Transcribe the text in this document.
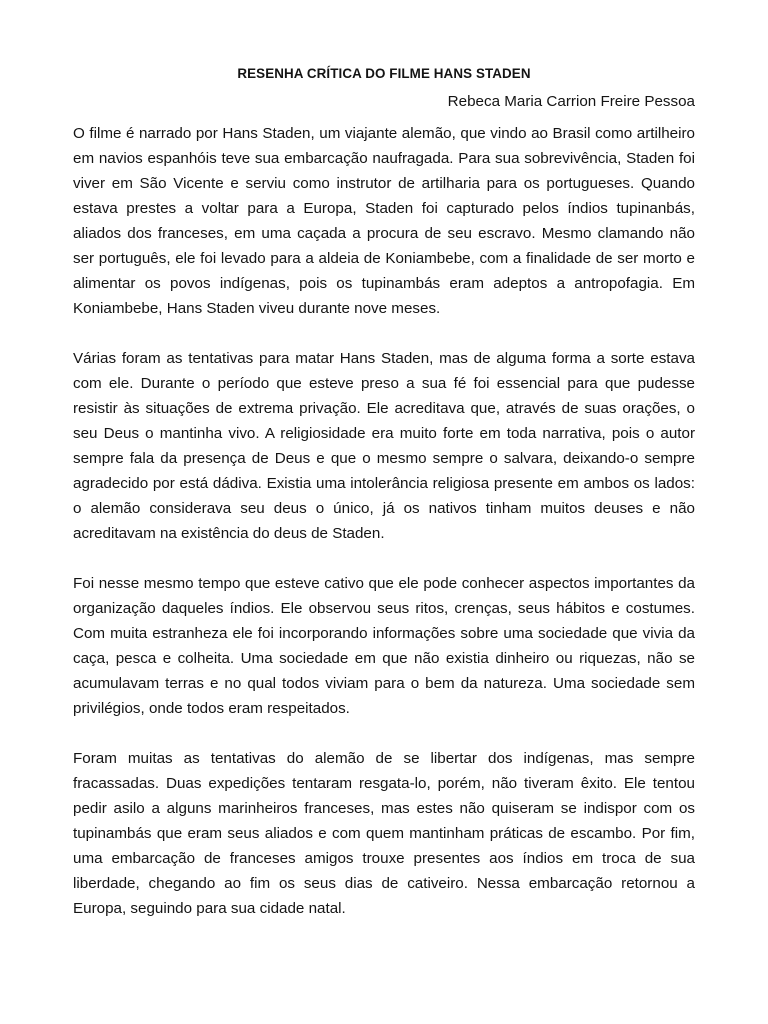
RESENHA CRÍTICA DO FILME HANS STADEN

Rebeca Maria Carrion Freire Pessoa

O filme é narrado por Hans Staden, um viajante alemão, que vindo ao Brasil como artilheiro em navios espanhóis teve sua embarcação naufragada. Para sua sobrevivência, Staden foi viver em São Vicente e serviu como instrutor de artilharia para os portugueses. Quando estava prestes a voltar para a Europa, Staden foi capturado pelos índios tupinanbás, aliados dos franceses, em uma caçada a procura de seu escravo. Mesmo clamando não ser português, ele foi levado para a aldeia de Koniambebe, com a finalidade de ser morto e alimentar os povos indígenas, pois os tupinambás eram adeptos a antropofagia. Em Koniambebe, Hans Staden viveu durante nove meses.

Várias foram as tentativas para matar Hans Staden, mas de alguma forma a sorte estava com ele. Durante o período que esteve preso a sua fé foi essencial para que pudesse resistir às situações de extrema privação. Ele acreditava que, através de suas orações, o seu Deus o mantinha vivo. A religiosidade era muito forte em toda narrativa, pois o autor sempre fala da presença de Deus e que o mesmo sempre o salvara, deixando-o sempre agradecido por está dádiva. Existia uma intolerância religiosa presente em ambos os lados: o alemão considerava seu deus o único, já os nativos tinham muitos deuses e não acreditavam na existência do deus de Staden.

Foi nesse mesmo tempo que esteve cativo que ele pode conhecer aspectos importantes da organização daqueles índios. Ele observou seus ritos, crenças, seus hábitos e costumes. Com muita estranheza ele foi incorporando informações sobre uma sociedade que vivia da caça, pesca e colheita. Uma sociedade em que não existia dinheiro ou riquezas, não se acumulavam terras e no qual todos viviam para o bem da natureza. Uma sociedade sem privilégios, onde todos eram respeitados.

Foram muitas as tentativas do alemão de se libertar dos indígenas, mas sempre fracassadas. Duas expedições tentaram resgata-lo, porém, não tiveram êxito. Ele tentou pedir asilo a alguns marinheiros franceses, mas estes não quiseram se indispor com os tupinambás que eram seus aliados e com quem mantinham práticas de escambo. Por fim, uma embarcação de franceses amigos trouxe presentes aos índios em troca de sua liberdade, chegando ao fim os seus dias de cativeiro. Nessa embarcação retornou a Europa, seguindo para sua cidade natal.
